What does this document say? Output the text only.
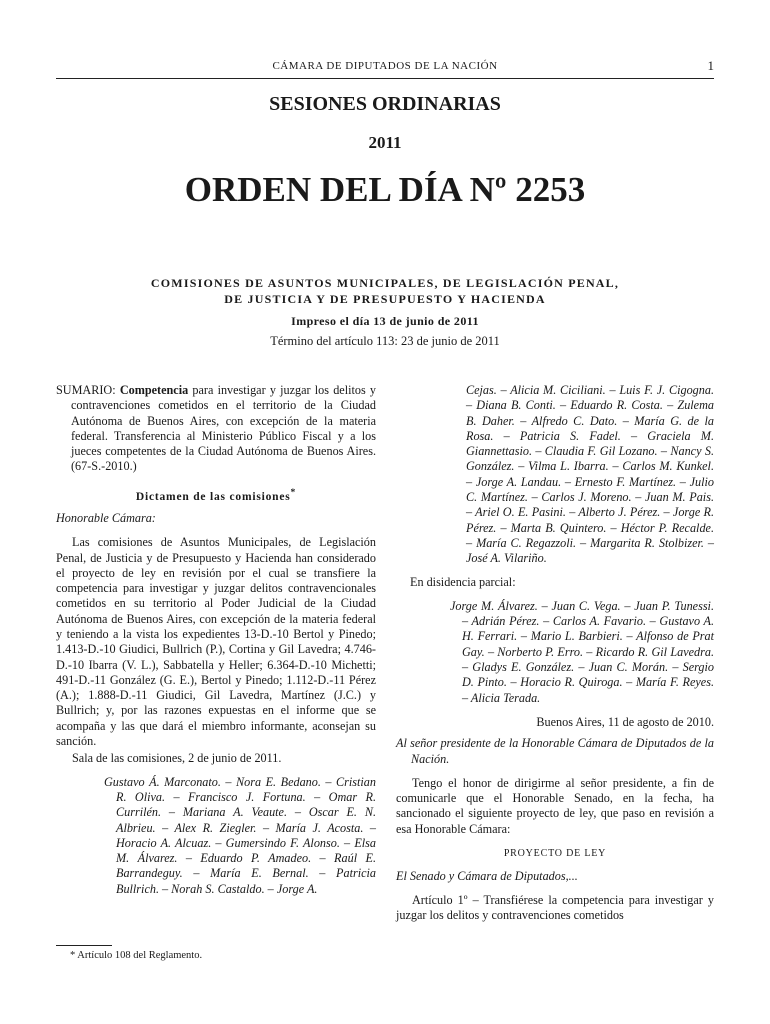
CÁMARA DE DIPUTADOS DE LA NACIÓN	1
SESIONES ORDINARIAS
2011
ORDEN DEL DÍA Nº 2253
COMISIONES DE ASUNTOS MUNICIPALES, DE LEGISLACIÓN PENAL,
DE JUSTICIA Y DE PRESUPUESTO Y HACIENDA
Impreso el día 13 de junio de 2011
Término del artículo 113: 23 de junio de 2011

SUMARIO: Competencia para investigar y juzgar los delitos y contravenciones cometidos en el territorio de la Ciudad Autónoma de Buenos Aires, con excepción de la materia federal. Transferencia al Ministerio Público Fiscal y a los jueces competentes de la Ciudad Autónoma de Buenos Aires. (67-S.-2010.)

Dictamen de las comisiones*

Honorable Cámara:

Las comisiones de Asuntos Municipales, de Legislación Penal, de Justicia y de Presupuesto y Hacienda han considerado el proyecto de ley en revisión por el cual se transfiere la competencia para investigar y juzgar delitos contravencionales cometidos en su territorio al Poder Judicial de la Ciudad Autónoma de Buenos Aires, con excepción de la materia federal y teniendo a la vista los expedientes 13-D.-10 Bertol y Pinedo; 1.413-D.-10 Giudici, Bullrich (P.), Cortina y Gil Lavedra; 4.746-D.-10 Ibarra (V. L.), Sabbatella y Heller; 6.364-D.-10 Michetti; 491-D.-11 González (G. E.), Bertol y Pinedo; 1.112-D.-11 Pérez (A.); 1.888-D.-11 Giudici, Gil Lavedra, Martínez (J.C.) y Bullrich; y, por las razones expuestas en el informe que se acompaña y las que dará el miembro informante, aconsejan su sanción.

Sala de las comisiones, 2 de junio de 2011.

Gustavo Á. Marconato. – Nora E. Bedano. – Cristian R. Oliva. – Francisco J. Fortuna. – Omar R. Currilén. – Mariana A. Veaute. – Oscar E. N. Albrieu. – Alex R. Ziegler. – María J. Acosta. – Horacio A. Alcuaz. – Gumersindo F. Alonso. – Elsa M. Álvarez. – Eduardo P. Amadeo. – Raúl E. Barrandeguy. – María E. Bernal. – Patricia Bullrich. – Norah S. Castaldo. – Jorge A.

Cejas. – Alicia M. Ciciliani. – Luis F. J. Cigogna. – Diana B. Conti. – Eduardo R. Costa. – Zulema B. Daher. – Alfredo C. Dato. – María G. de la Rosa. – Patricia S. Fadel. – Graciela M. Giannettasio. – Claudia F. Gil Lozano. – Nancy S. González. – Vilma L. Ibarra. – Carlos M. Kunkel. – Jorge A. Landau. – Ernesto F. Martínez. – Julio C. Martínez. – Carlos J. Moreno. – Juan M. Pais. – Ariel O. E. Pasini. – Alberto J. Pérez. – Jorge R. Pérez. – Marta B. Quintero. – Héctor P. Recalde. – María C. Regazzoli. – Margarita R. Stolbizer. – José A. Vilariño.

En disidencia parcial:

Jorge M. Álvarez. – Juan C. Vega. – Juan P. Tunessi. – Adrián Pérez. – Carlos A. Favario. – Gustavo A. H. Ferrari. – Mario L. Barbieri. – Alfonso de Prat Gay. – Norberto P. Erro. – Ricardo R. Gil Lavedra. – Gladys E. González. – Juan C. Morán. – Sergio D. Pinto. – Horacio R. Quiroga. – María F. Reyes. – Alicia Terada.

Buenos Aires, 11 de agosto de 2010.

Al señor presidente de la Honorable Cámara de Diputados de la Nación.

Tengo el honor de dirigirme al señor presidente, a fin de comunicarle que el Honorable Senado, en la fecha, ha sancionado el siguiente proyecto de ley, que paso en revisión a esa Honorable Cámara:

PROYECTO DE LEY

El Senado y Cámara de Diputados,...

Artículo 1º – Transfiérese la competencia para investigar y juzgar los delitos y contravenciones cometidos

* Artículo 108 del Reglamento.
